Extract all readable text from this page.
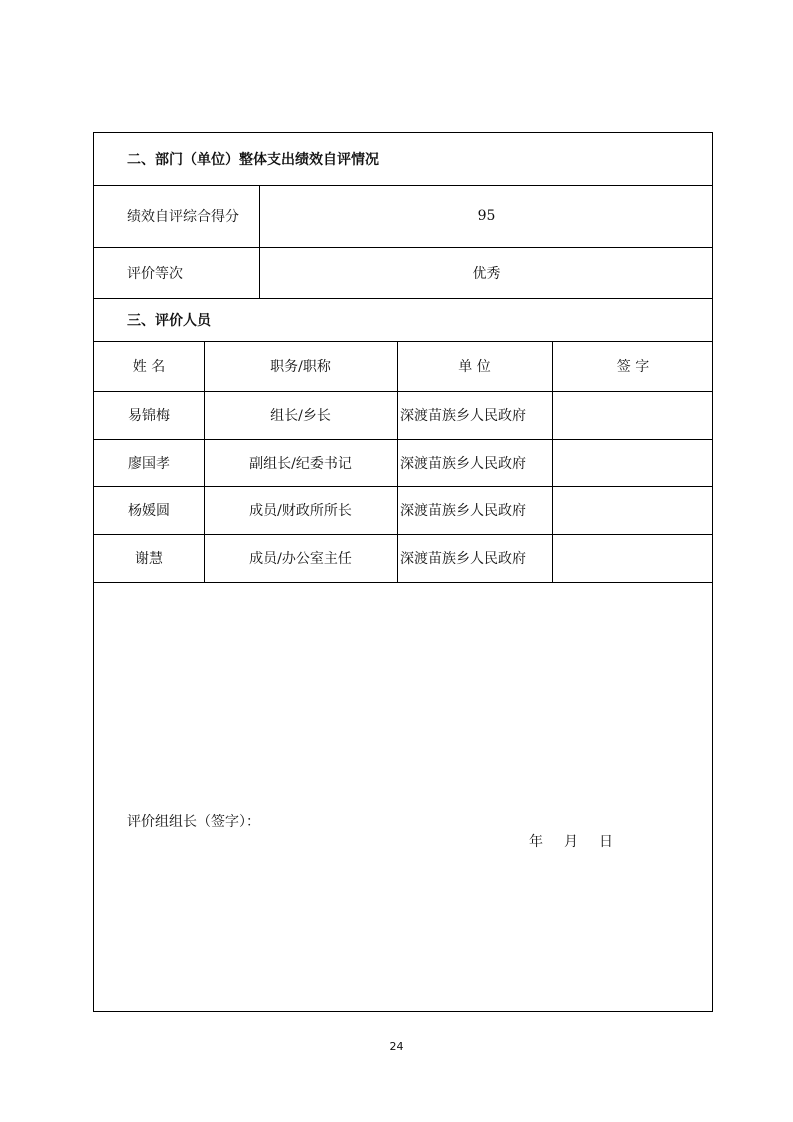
二、部门（单位）整体支出绩效自评情况
绩效自评综合得分	95
评价等次	优秀
三、评价人员
姓 名	职务/职称	单 位	签 字
易锦梅	组长/乡长	深渡苗族乡人民政府
廖国孝	副组长/纪委书记	深渡苗族乡人民政府
杨媛圆	成员/财政所所长	深渡苗族乡人民政府
谢慧	成员/办公室主任	深渡苗族乡人民政府
评价组组长（签字）：
年 月 日
24
